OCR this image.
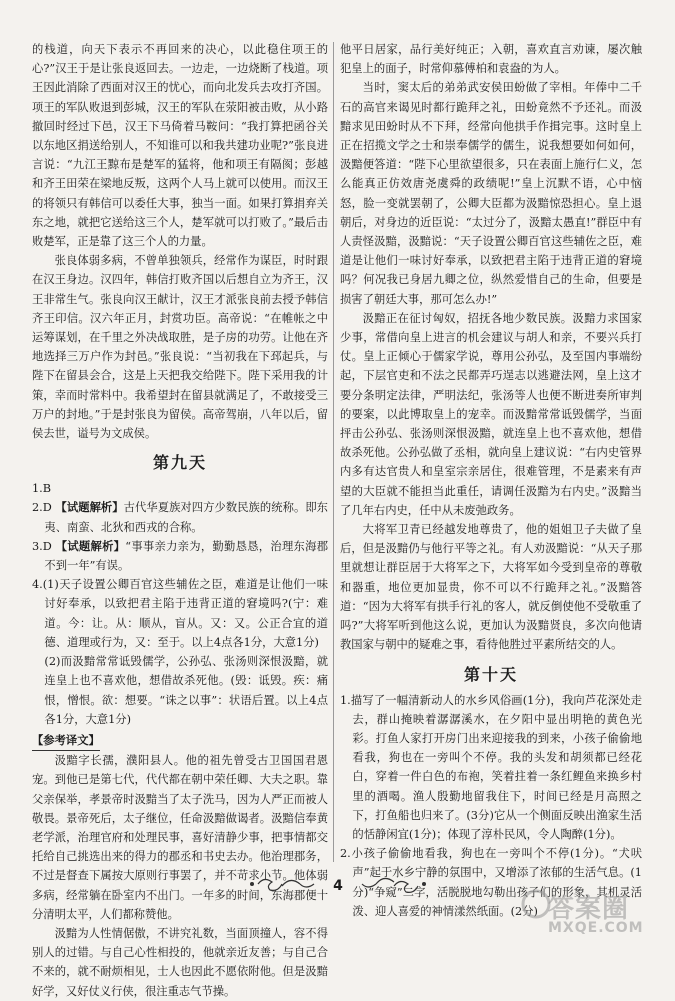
的栈道，向天下表示不再回来的决心，以此稳住项王的心?”汉王于是让张良返回去。一边走，一边烧断了栈道。项王因此消除了西面对汉王的忧心，而向北发兵去攻打齐国。项王的军队败退到彭城，汉王的军队在荥阳被击败，从小路撤回时经过下邑，汉王下马倚着马鞍问：“我打算把函谷关以东地区捐送给别人，不知谁可以和我共建功业呢?”张良进言说：“九江王黥布是楚军的猛将，他和项王有隔阂；彭越和齐王田荣在梁地反叛，这两个人马上就可以使用。而汉王的将领只有韩信可以委任大事，独当一面。如果打算捐弃关东之地，就把它送给这三个人，楚军就可以打败了。”最后击败楚军，正是靠了这三个人的力量。

张良体弱多病，不曾单独领兵，经常作为谋臣，时时跟在汉王身边。汉四年，韩信打败齐国以后想自立为齐王，汉王非常生气。张良向汉王献计，汉王才派张良前去授予韩信齐王印信。汉六年正月，封赏功臣。高帝说：“在帷帐之中运筹谋划，在千里之外决战取胜，是子房的功劳。让他在齐地选择三万户作为封邑。”张良说：“当初我在下邳起兵，与陛下在留县会合，这是上天把我交给陛下。陛下采用我的计策，幸而时常料中。我希望封在留县就满足了，不敢接受三万户的封地。”于是封张良为留侯。高帝驾崩，八年以后，留侯去世，谥号为文成侯。

第九天

1.B

2.D 【试题解析】古代华夏族对四方少数民族的统称。即东夷、南蛮、北狄和西戎的合称。

3.D 【试题解析】“事事亲力亲为，勤勤恳恳，治理东海郡不到一年”有误。

4.(1)天子设置公卿百官这些辅佐之臣，难道是让他们一味讨好奉承，以致把君主陷于违背正道的窘境吗?(宁：难道。今：让。从：顺从，盲从。又：又。公正合宜的道德、道理或行为，又：至于。以上4点各1分，大意1分)

(2)而汲黯常常诋毁儒学，公孙弘、张汤则深恨汲黯，就连皇上也不喜欢他，想借故杀死他。(毁：诋毁。疾：痛恨，憎恨。欲：想要。“诛之以事”：状语后置。以上4点各1分，大意1分)

【参考译文】

汲黯字长孺，濮阳县人。他的祖先曾受古卫国国君恩宠。到他已是第七代，代代都在朝中荣任卿、大夫之职。靠父亲保举，孝景帝时汲黯当了太子洗马，因为人严正而被人敬畏。景帝死后，太子继位，任命汲黯做谒者。汲黯信奉黄老学派，治理官府和处理民事，喜好清静少事，把事情都交托给自己挑选出来的得力的郡丞和书史去办。他治理郡务，不过是督查下属按大原则行事罢了，并不苛求小节。他体弱多病，经常躺在卧室内不出门。一年多的时间，东海郡便十分清明太平，人们都称赞他。

汲黯为人性情倨傲，不讲究礼数，当面顶撞人，容不得别人的过错。与自己心性相投的，他就亲近友善；与自己合不来的，就不耐烦相见，士人也因此不愿依附他。但是汲黯好学，又好仗义行侠，很注重志气节操。

他平日居家，品行美好纯正；入朝，喜欢直言劝谏，屡次触犯皇上的面子，时常仰慕傅柏和袁盎的为人。

当时，窦太后的弟弟武安侯田蚡做了宰相。年俸中二千石的高官来谒见时都行跪拜之礼，田蚡竟然不予还礼。而汲黯求见田蚡时从不下拜，经常向他拱手作揖完事。这时皇上正在招揽文学之士和崇奉儒学的儒生，说我想要如何如何，汲黯便答道：“陛下心里欲望很多，只在表面上施行仁义，怎么能真正仿效唐尧虞舜的政绩呢!”皇上沉默不语，心中恼怒，脸一变就罢朝了，公卿大臣都为汲黯惊恐担心。皇上退朝后，对身边的近臣说：“太过分了，汲黯太愚直!”群臣中有人责怪汲黯，汲黯说：“天子设置公卿百官这些辅佐之臣，难道是让他们一味讨好奉承，以致把君主陷于违背正道的窘境吗？何况我已身居九卿之位，纵然爱惜自己的生命，但要是损害了朝廷大事，那可怎么办!”

汲黯正在征讨匈奴，招抚各地少数民族。汲黯力求国家少事，常借向皇上进言的机会建议与胡人和亲，不要兴兵打仗。皇上正倾心于儒家学说，尊用公孙弘，及至国内事端纷起，下层官吏和不法之民都弄巧逞志以逃避法网，皇上这才要分条明定法律，严明法纪，张汤等人也便不断进奏所审判的要案，以此博取皇上的宠幸。而汲黯常常诋毁儒学，当面抨击公孙弘、张汤则深恨汲黯，就连皇上也不喜欢他，想借故杀死他。公孙弘做了丞相，就向皇上建议说：“右内史管界内多有达官贵人和皇室宗亲居住，很难管理，不是素来有声望的大臣就不能担当此重任，请调任汲黯为右内史。”汲黯当了几年右内史，任中从未废弛政务。

大将军卫青已经越发地尊贵了，他的姐姐卫子夫做了皇后，但是汲黯仍与他行平等之礼。有人劝汲黯说：“从天子那里就想让群臣居于大将军之下，大将军如今受到皇帝的尊敬和器重，地位更加显贵，你不可以不行跪拜之礼。”汲黯答道：“因为大将军有拱手行礼的客人，就反倒使他不受敬重了吗?”大将军听到他这么说，更加认为汲黯贤良，多次向他请教国家与朝中的疑难之事，看待他胜过平素所结交的人。

第十天

1.描写了一幅清新动人的水乡风俗画(1分)，我向芦花深处走去，群山掩映着潺潺溪水，在夕阳中显出明艳的黄色光彩。打鱼人家打开房门出来迎接我的到来，小孩子偷偷地看我，狗也在一旁叫个不停。我的头发和胡须都已经花白，穿着一件白色的布袍，笑着拄着一条红鲤鱼来换乡村里的酒喝。渔人殷勤地留我住下，时间已经是月高照之下，打鱼船也归来了。(3分)它从一个侧面反映出渔家生活的恬静闲宜(1分)；体现了淳朴民风，令人陶醉(1分)。

2.小孩子偷偷地看我，狗也在一旁叫个不停(1分)。“犬吠声”起于水乡宁静的氛围中，又增添了浓郁的生活气息。(1分)“争窥”二字，活脱脱地勾勒出孩子们的形象，其机灵活泼、迎人喜爱的神情漾然纸面。(2分)

4
答案圈
MXQE.COM
